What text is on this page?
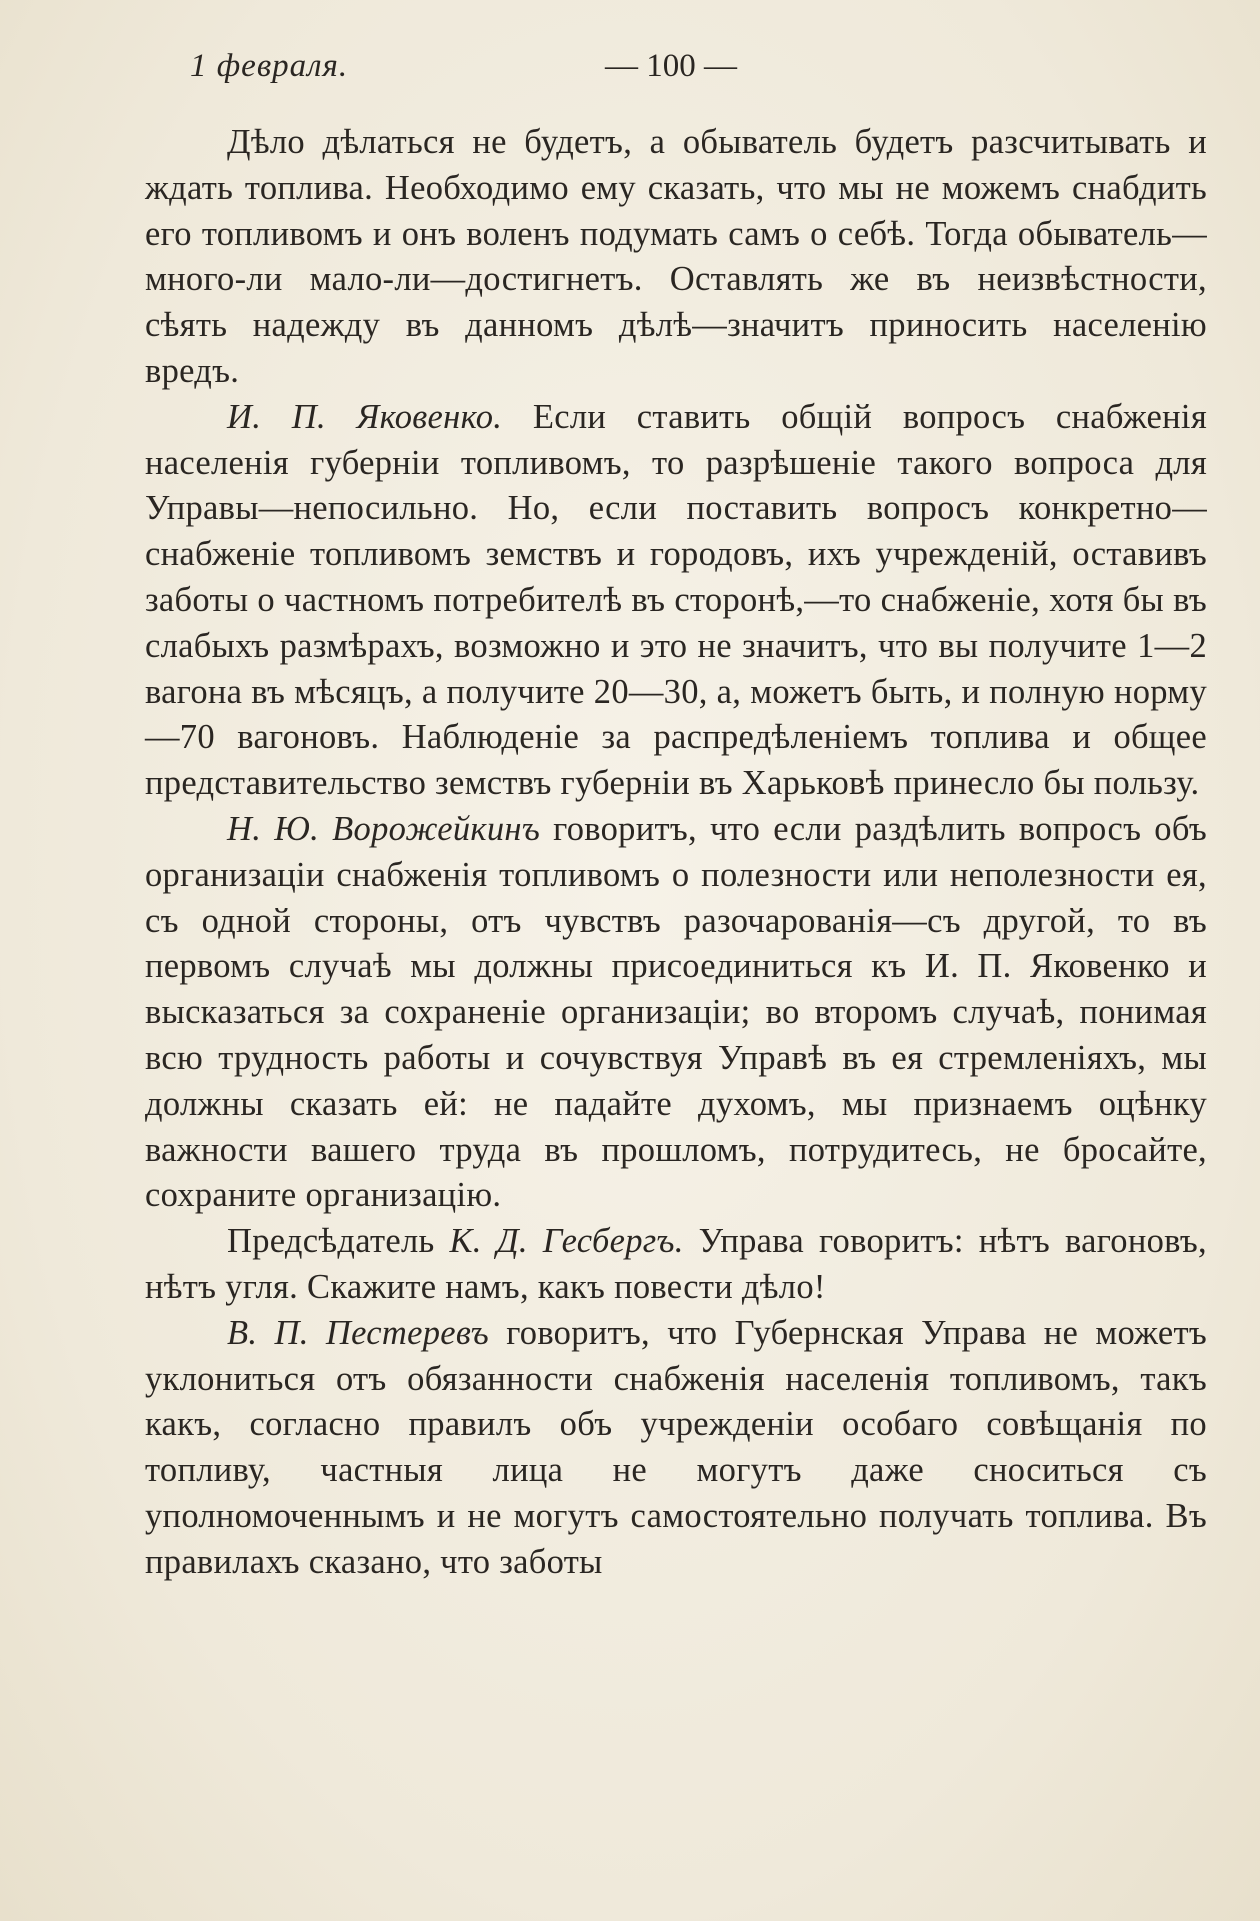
1 февраля.	— 100 —

Дѣло дѣлаться не будетъ, а обыватель будетъ разсчитывать и ждать топлива. Необходимо ему сказать, что мы не можемъ снабдить его топливомъ и онъ воленъ подумать самъ о себѣ. Тогда обыватель—много-ли мало-ли—достигнетъ. Оставлять же въ неизвѣстности, сѣять надежду въ данномъ дѣлѣ—значитъ приносить населенію вредъ.

И. П. Яковенко. Если ставить общій вопросъ снабженія населенія губерніи топливомъ, то разрѣшеніе такого вопроса для Управы—непосильно. Но, если поставить вопросъ конкретно—снабженіе топливомъ земствъ и городовъ, ихъ учрежденій, оставивъ заботы о частномъ потребителѣ въ сторонѣ,—то снабженіе, хотя бы въ слабыхъ размѣрахъ, возможно и это не значитъ, что вы получите 1—2 вагона въ мѣсяцъ, а получите 20—30, а, можетъ быть, и полную норму—70 вагоновъ. Наблюденіе за распредѣленіемъ топлива и общее представительство земствъ губерніи въ Харьковѣ принесло бы пользу.

Н. Ю. Ворожейкинъ говоритъ, что если раздѣлить вопросъ объ организаціи снабженія топливомъ о полезности или неполезности ея, съ одной стороны, отъ чувствъ разочарованія—съ другой, то въ первомъ случаѣ мы должны присоединиться къ И. П. Яковенко и высказаться за сохраненіе организаціи; во второмъ случаѣ, понимая всю трудность работы и сочувствуя Управѣ въ ея стремленіяхъ, мы должны сказать ей: не падайте духомъ, мы признаемъ оцѣнку важности вашего труда въ прошломъ, потрудитесь, не бросайте, сохраните организацію.

Предсѣдатель К. Д. Гесбергъ. Управа говоритъ: нѣтъ вагоновъ, нѣтъ угля. Скажите намъ, какъ повести дѣло!

В. П. Пестеревъ говоритъ, что Губернская Управа не можетъ уклониться отъ обязанности снабженія населенія топливомъ, такъ какъ, согласно правилъ объ учрежденіи особаго совѣщанія по топливу, частныя лица не могутъ даже сноситься съ уполномоченнымъ и не могутъ самостоятельно получать топлива. Въ правилахъ сказано, что заботы
